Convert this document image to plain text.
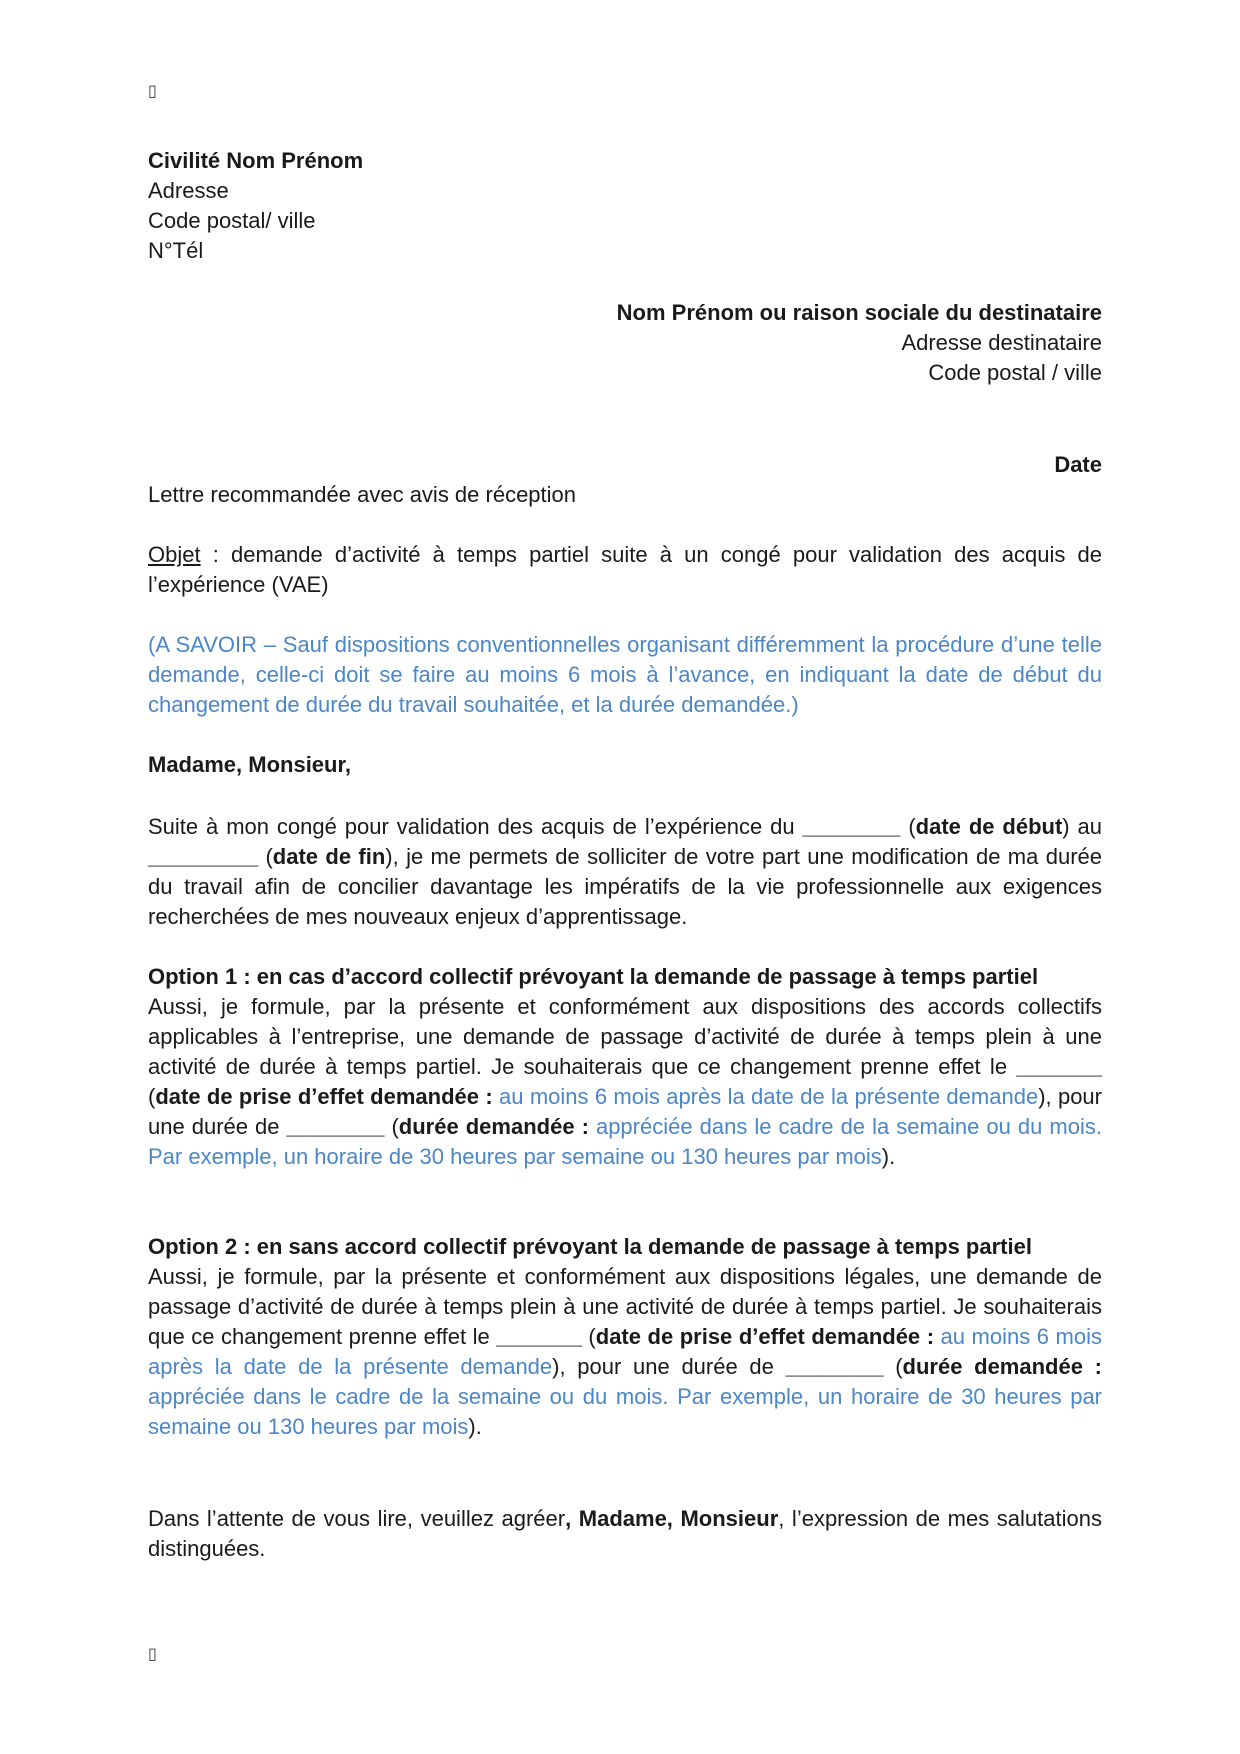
▯
Civilité Nom Prénom
Adresse
Code postal/ ville
N°Tél
Nom Prénom ou raison sociale du destinataire
Adresse destinataire
Code postal / ville
Date
Lettre recommandée avec avis de réception
Objet : demande d’activité à temps partiel suite à un congé pour validation des acquis de l’expérience (VAE)
(A SAVOIR – Sauf dispositions conventionnelles organisant différemment la procédure d’une telle demande, celle-ci doit se faire au moins 6 mois à l’avance, en indiquant la date de début du changement de durée du travail souhaitée, et la durée demandée.)
Madame, Monsieur,
Suite à mon congé pour validation des acquis de l’expérience du ________ (date de début) au _________ (date de fin), je me permets de solliciter de votre part une modification de ma durée du travail afin de concilier davantage les impératifs de la vie professionnelle aux exigences recherchées de mes nouveaux enjeux d’apprentissage.
Option 1 : en cas d’accord collectif prévoyant la demande de passage à temps partiel
Aussi, je formule, par la présente et conformément aux dispositions des accords collectifs applicables à l’entreprise, une demande de passage d’activité de durée à temps plein à une activité de durée à temps partiel. Je souhaiterais que ce changement prenne effet le _______ (date de prise d’effet demandée : au moins 6 mois après la date de la présente demande), pour une durée de ________ (durée demandée : appréciée dans le cadre de la semaine ou du mois. Par exemple, un horaire de 30 heures par semaine ou 130 heures par mois).
Option 2 : en sans accord collectif prévoyant la demande de passage à temps partiel
Aussi, je formule, par la présente et conformément aux dispositions légales, une demande de passage d’activité de durée à temps plein à une activité de durée à temps partiel. Je souhaiterais que ce changement prenne effet le _______ (date de prise d’effet demandée : au moins 6 mois après la date de la présente demande), pour une durée de ________ (durée demandée : appréciée dans le cadre de la semaine ou du mois. Par exemple, un horaire de 30 heures par semaine ou 130 heures par mois).
Dans l’attente de vous lire, veuillez agréer, Madame, Monsieur, l’expression de mes salutations distinguées.
▯
